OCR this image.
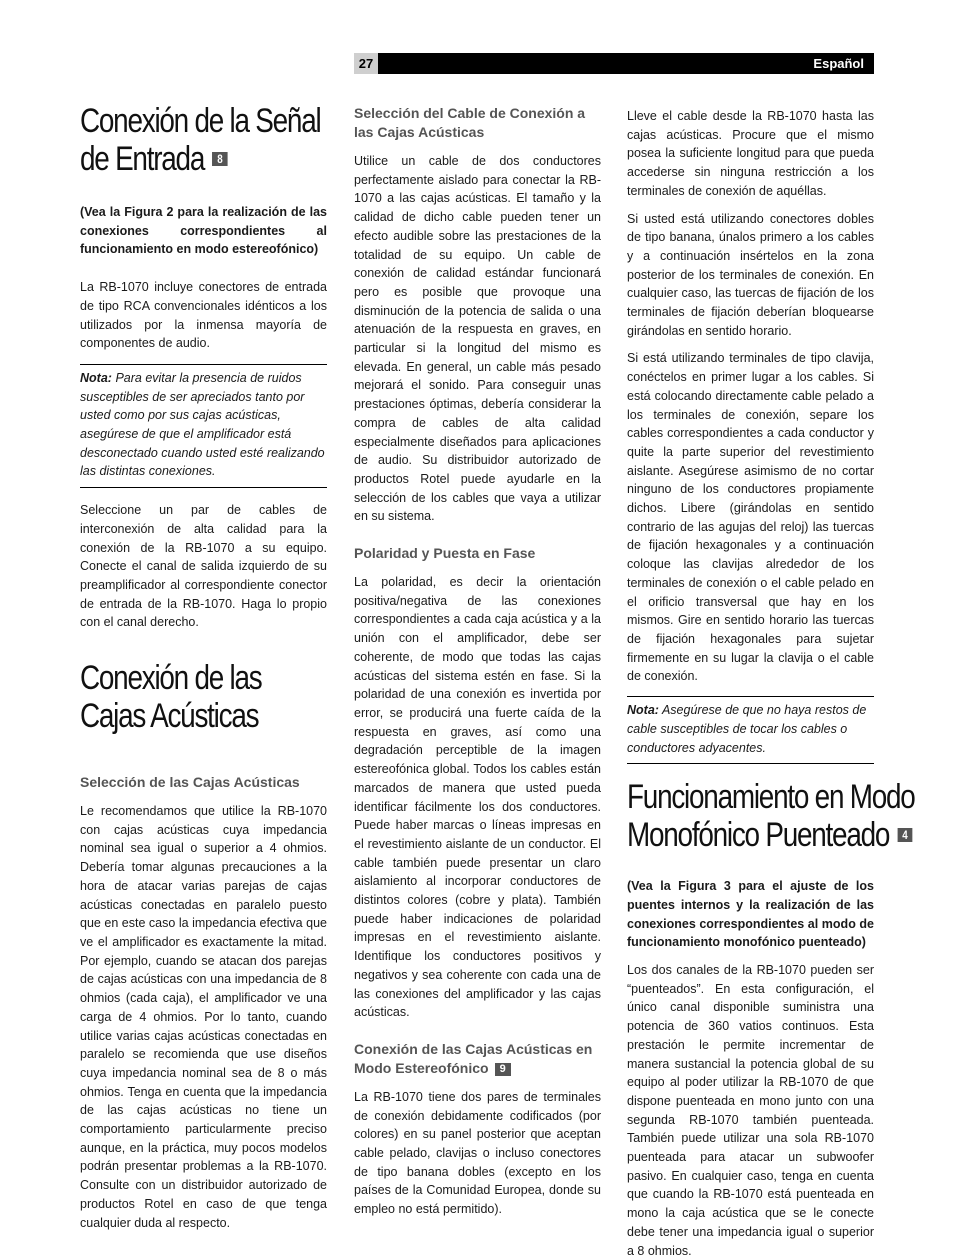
27	Español
Conexión de la Señal
de Entrada 8

(Vea la Figura 2 para la realización de las conexiones correspondientes al funcionamiento en modo estereofónico)

La RB-1070 incluye conectores de entrada de tipo RCA convencionales idénticos a los utilizados por la inmensa mayoría de componentes de audio.

Nota: Para evitar la presencia de ruidos susceptibles de ser apreciados tanto por usted como por sus cajas acústicas, asegúrese de que el amplificador está desconectado cuando usted esté realizando las distintas conexiones.

Seleccione un par de cables de interconexión de alta calidad para la conexión de la RB-1070 a su equipo. Conecte el canal de salida izquierdo de su preamplificador al correspondiente conector de entrada de la RB-1070. Haga lo propio con el canal derecho.

Conexión de las
Cajas Acústicas
Selección de las Cajas Acústicas

Le recomendamos que utilice la RB-1070 con cajas acústicas cuya impedancia nominal sea igual o superior a 4 ohmios. Debería tomar algunas precauciones a la hora de atacar varias parejas de cajas acústicas conectadas en paralelo puesto que en este caso la impedancia efectiva que ve el amplificador es exactamente la mitad. Por ejemplo, cuando se atacan dos parejas de cajas acústicas con una impedancia de 8 ohmios (cada caja), el amplificador ve una carga de 4 ohmios. Por lo tanto, cuando utilice varias cajas acústicas conectadas en paralelo se recomienda que use diseños cuya impedancia nominal sea de 8 o más ohmios. Tenga en cuenta que la impedancia de las cajas acústicas no tiene un comportamiento particularmente preciso aunque, en la práctica, muy pocos modelos podrán presentar problemas a la RB-1070. Consulte con un distribuidor autorizado de productos Rotel en caso de que tenga cualquier duda al respecto.

Selección del Cable de Conexión a las Cajas Acústicas

Utilice un cable de dos conductores perfectamente aislado para conectar la RB-1070 a las cajas acústicas. El tamaño y la calidad de dicho cable pueden tener un efecto audible sobre las prestaciones de la totalidad de su equipo. Un cable de conexión de calidad estándar funcionará pero es posible que provoque una disminución de la potencia de salida o una atenuación de la respuesta en graves, en particular si la longitud del mismo es elevada. En general, un cable más pesado mejorará el sonido. Para conseguir unas prestaciones óptimas, debería considerar la compra de cables de alta calidad especialmente diseñados para aplicaciones de audio. Su distribuidor autorizado de productos Rotel puede ayudarle en la selección de los cables que vaya a utilizar en su sistema.

Polaridad y Puesta en Fase

La polaridad, es decir la orientación positiva/negativa de las conexiones correspondientes a cada caja acústica y a la unión con el amplificador, debe ser coherente, de modo que todas las cajas acústicas del sistema estén en fase. Si la polaridad de una conexión es invertida por error, se producirá una fuerte caída de la respuesta en graves, así como una degradación perceptible de la imagen estereofónica global. Todos los cables están marcados de manera que usted pueda identificar fácilmente los dos conductores. Puede haber marcas o líneas impresas en el revestimiento aislante de un conductor. El cable también puede presentar un claro aislamiento al incorporar conductores de distintos colores (cobre y plata). También puede haber indicaciones de polaridad impresas en el revestimiento aislante. Identifique los conductores positivos y negativos y sea coherente con cada una de las conexiones del amplificador y las cajas acústicas.

Conexión de las Cajas Acústicas en Modo Estereofónico 9

La RB-1070 tiene dos pares de terminales de conexión debidamente codificados (por colores) en su panel posterior que aceptan cable pelado, clavijas o incluso conectores de tipo banana dobles (excepto en los países de la Comunidad Europea, donde su empleo no está permitido).

Lleve el cable desde la RB-1070 hasta las cajas acústicas. Procure que el mismo posea la suficiente longitud para que pueda accederse sin ninguna restricción a los terminales de conexión de aquéllas.

Si usted está utilizando conectores dobles de tipo banana, únalos primero a los cables y a continuación insértelos en la zona posterior de los terminales de conexión. En cualquier caso, las tuercas de fijación de los terminales de fijación deberían bloquearse girándolas en sentido horario.

Si está utilizando terminales de tipo clavija, conéctelos en primer lugar a los cables. Si está colocando directamente cable pelado a los terminales de conexión, separe los cables correspondientes a cada conductor y quite la parte superior del revestimiento aislante. Asegúrese asimismo de no cortar ninguno de los conductores propiamente dichos. Libere (girándolas en sentido contrario de las agujas del reloj) las tuercas de fijación hexagonales y a continuación coloque las clavijas alrededor de los terminales de conexión o el cable pelado en el orificio transversal que hay en los mismos. Gire en sentido horario las tuercas de fijación hexagonales para sujetar firmemente en su lugar la clavija o el cable de conexión.

Nota: Asegúrese de que no haya restos de cable susceptibles de tocar los cables o conductores adyacentes.
Funcionamiento en Modo
Monofónico Puenteado 4

(Vea la Figura 3 para el ajuste de los puentes internos y la realización de las conexiones correspondientes al modo de funcionamiento monofónico puenteado)

Los dos canales de la RB-1070 pueden ser “puenteados”. En esta configuración, el único canal disponible suministra una potencia de 360 vatios continuos. Esta prestación le permite incrementar de manera sustancial la potencia global de su equipo al poder utilizar la RB-1070 de que dispone puenteada en mono junto con una segunda RB-1070 también puenteada. También puede utilizar una sola RB-1070 puenteada para atacar un subwoofer pasivo. En cualquier caso, tenga en cuenta que cuando la RB-1070 está puenteada en mono la caja acústica que se le conecte debe tener una impedancia igual o superior a 8 ohmios.
